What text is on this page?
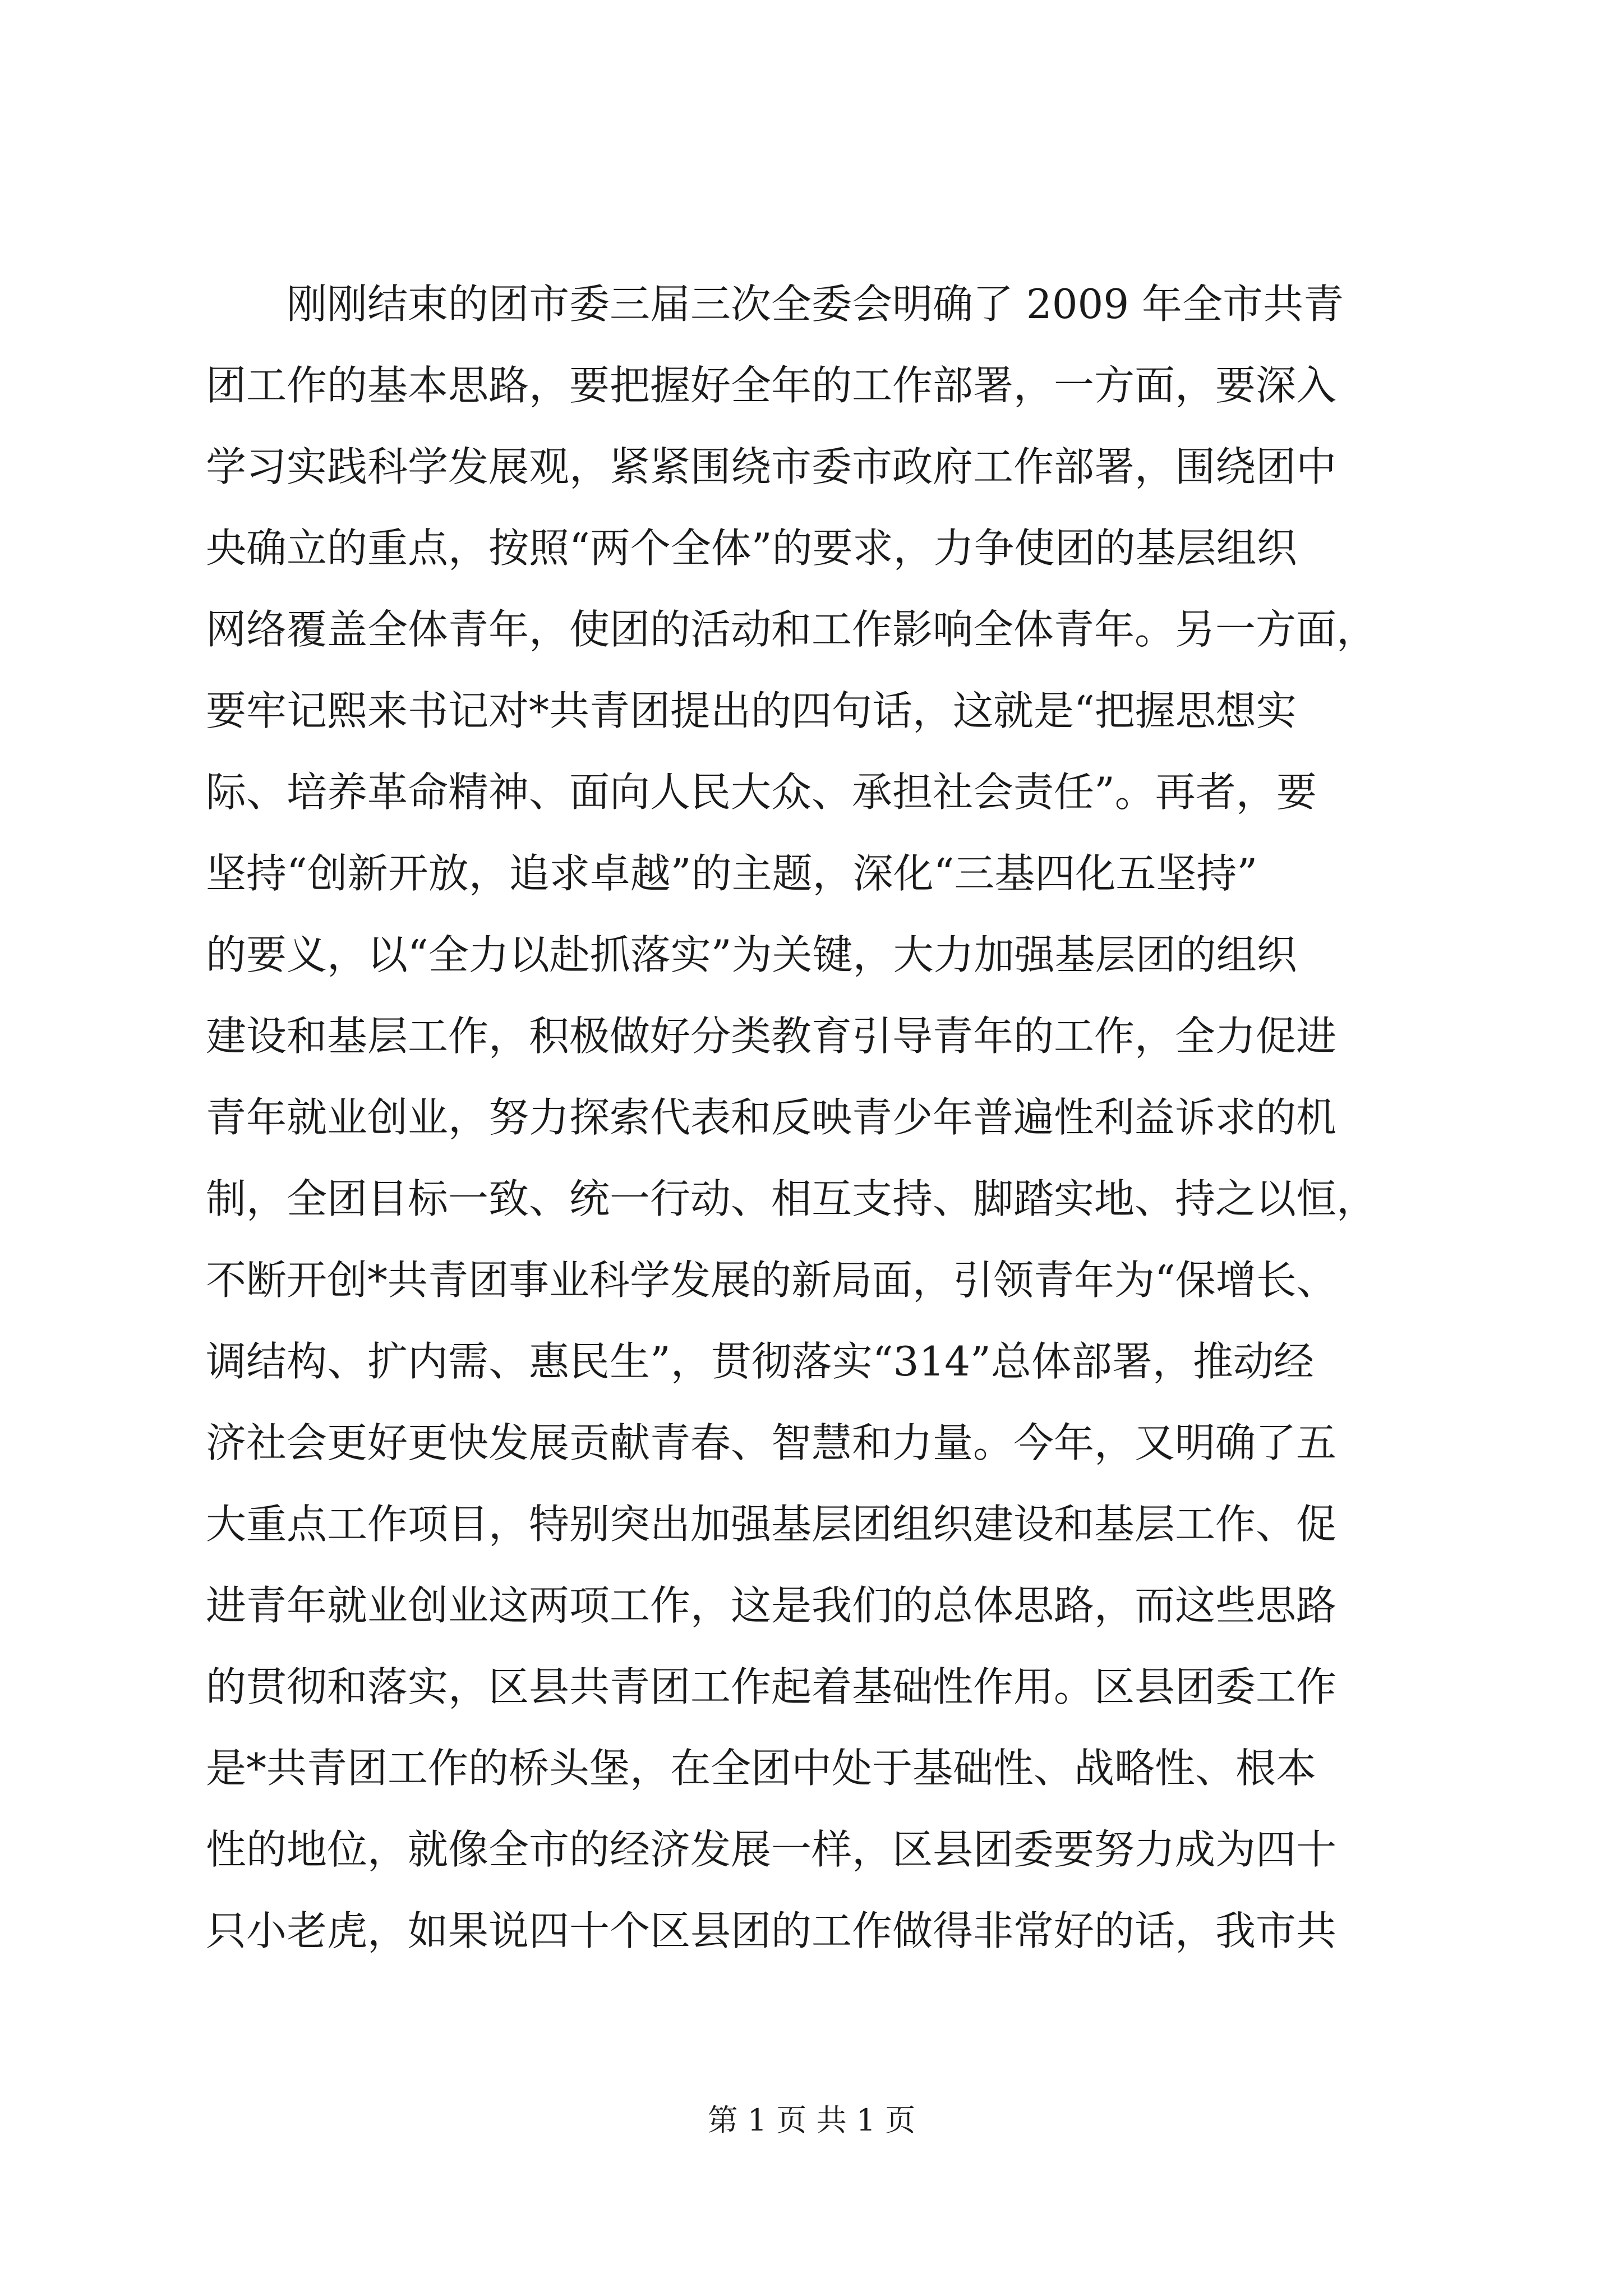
　　刚刚结束的团市委三届三次全委会明确了 2009 年全市共青
团工作的基本思路，要把握好全年的工作部署，一方面，要深入
学习实践科学发展观，紧紧围绕市委市政府工作部署，围绕团中
央确立的重点，按照“两个全体”的要求，力争使团的基层组织
网络覆盖全体青年，使团的活动和工作影响全体青年。另一方面，
要牢记熙来书记对*共青团提出的四句话，这就是“把握思想实
际、培养革命精神、面向人民大众、承担社会责任”。再者，要
坚持“创新开放，追求卓越”的主题，深化“三基四化五坚持”
的要义，以“全力以赴抓落实”为关键，大力加强基层团的组织
建设和基层工作，积极做好分类教育引导青年的工作，全力促进
青年就业创业，努力探索代表和反映青少年普遍性利益诉求的机
制，全团目标一致、统一行动、相互支持、脚踏实地、持之以恒，
不断开创*共青团事业科学发展的新局面，引领青年为“保增长、
调结构、扩内需、惠民生”，贯彻落实“314”总体部署，推动经
济社会更好更快发展贡献青春、智慧和力量。今年，又明确了五
大重点工作项目，特别突出加强基层团组织建设和基层工作、促
进青年就业创业这两项工作，这是我们的总体思路，而这些思路
的贯彻和落实，区县共青团工作起着基础性作用。区县团委工作
是*共青团工作的桥头堡，在全团中处于基础性、战略性、根本
性的地位，就像全市的经济发展一样，区县团委要努力成为四十
只小老虎，如果说四十个区县团的工作做得非常好的话，我市共
第 1 页 共 1 页
